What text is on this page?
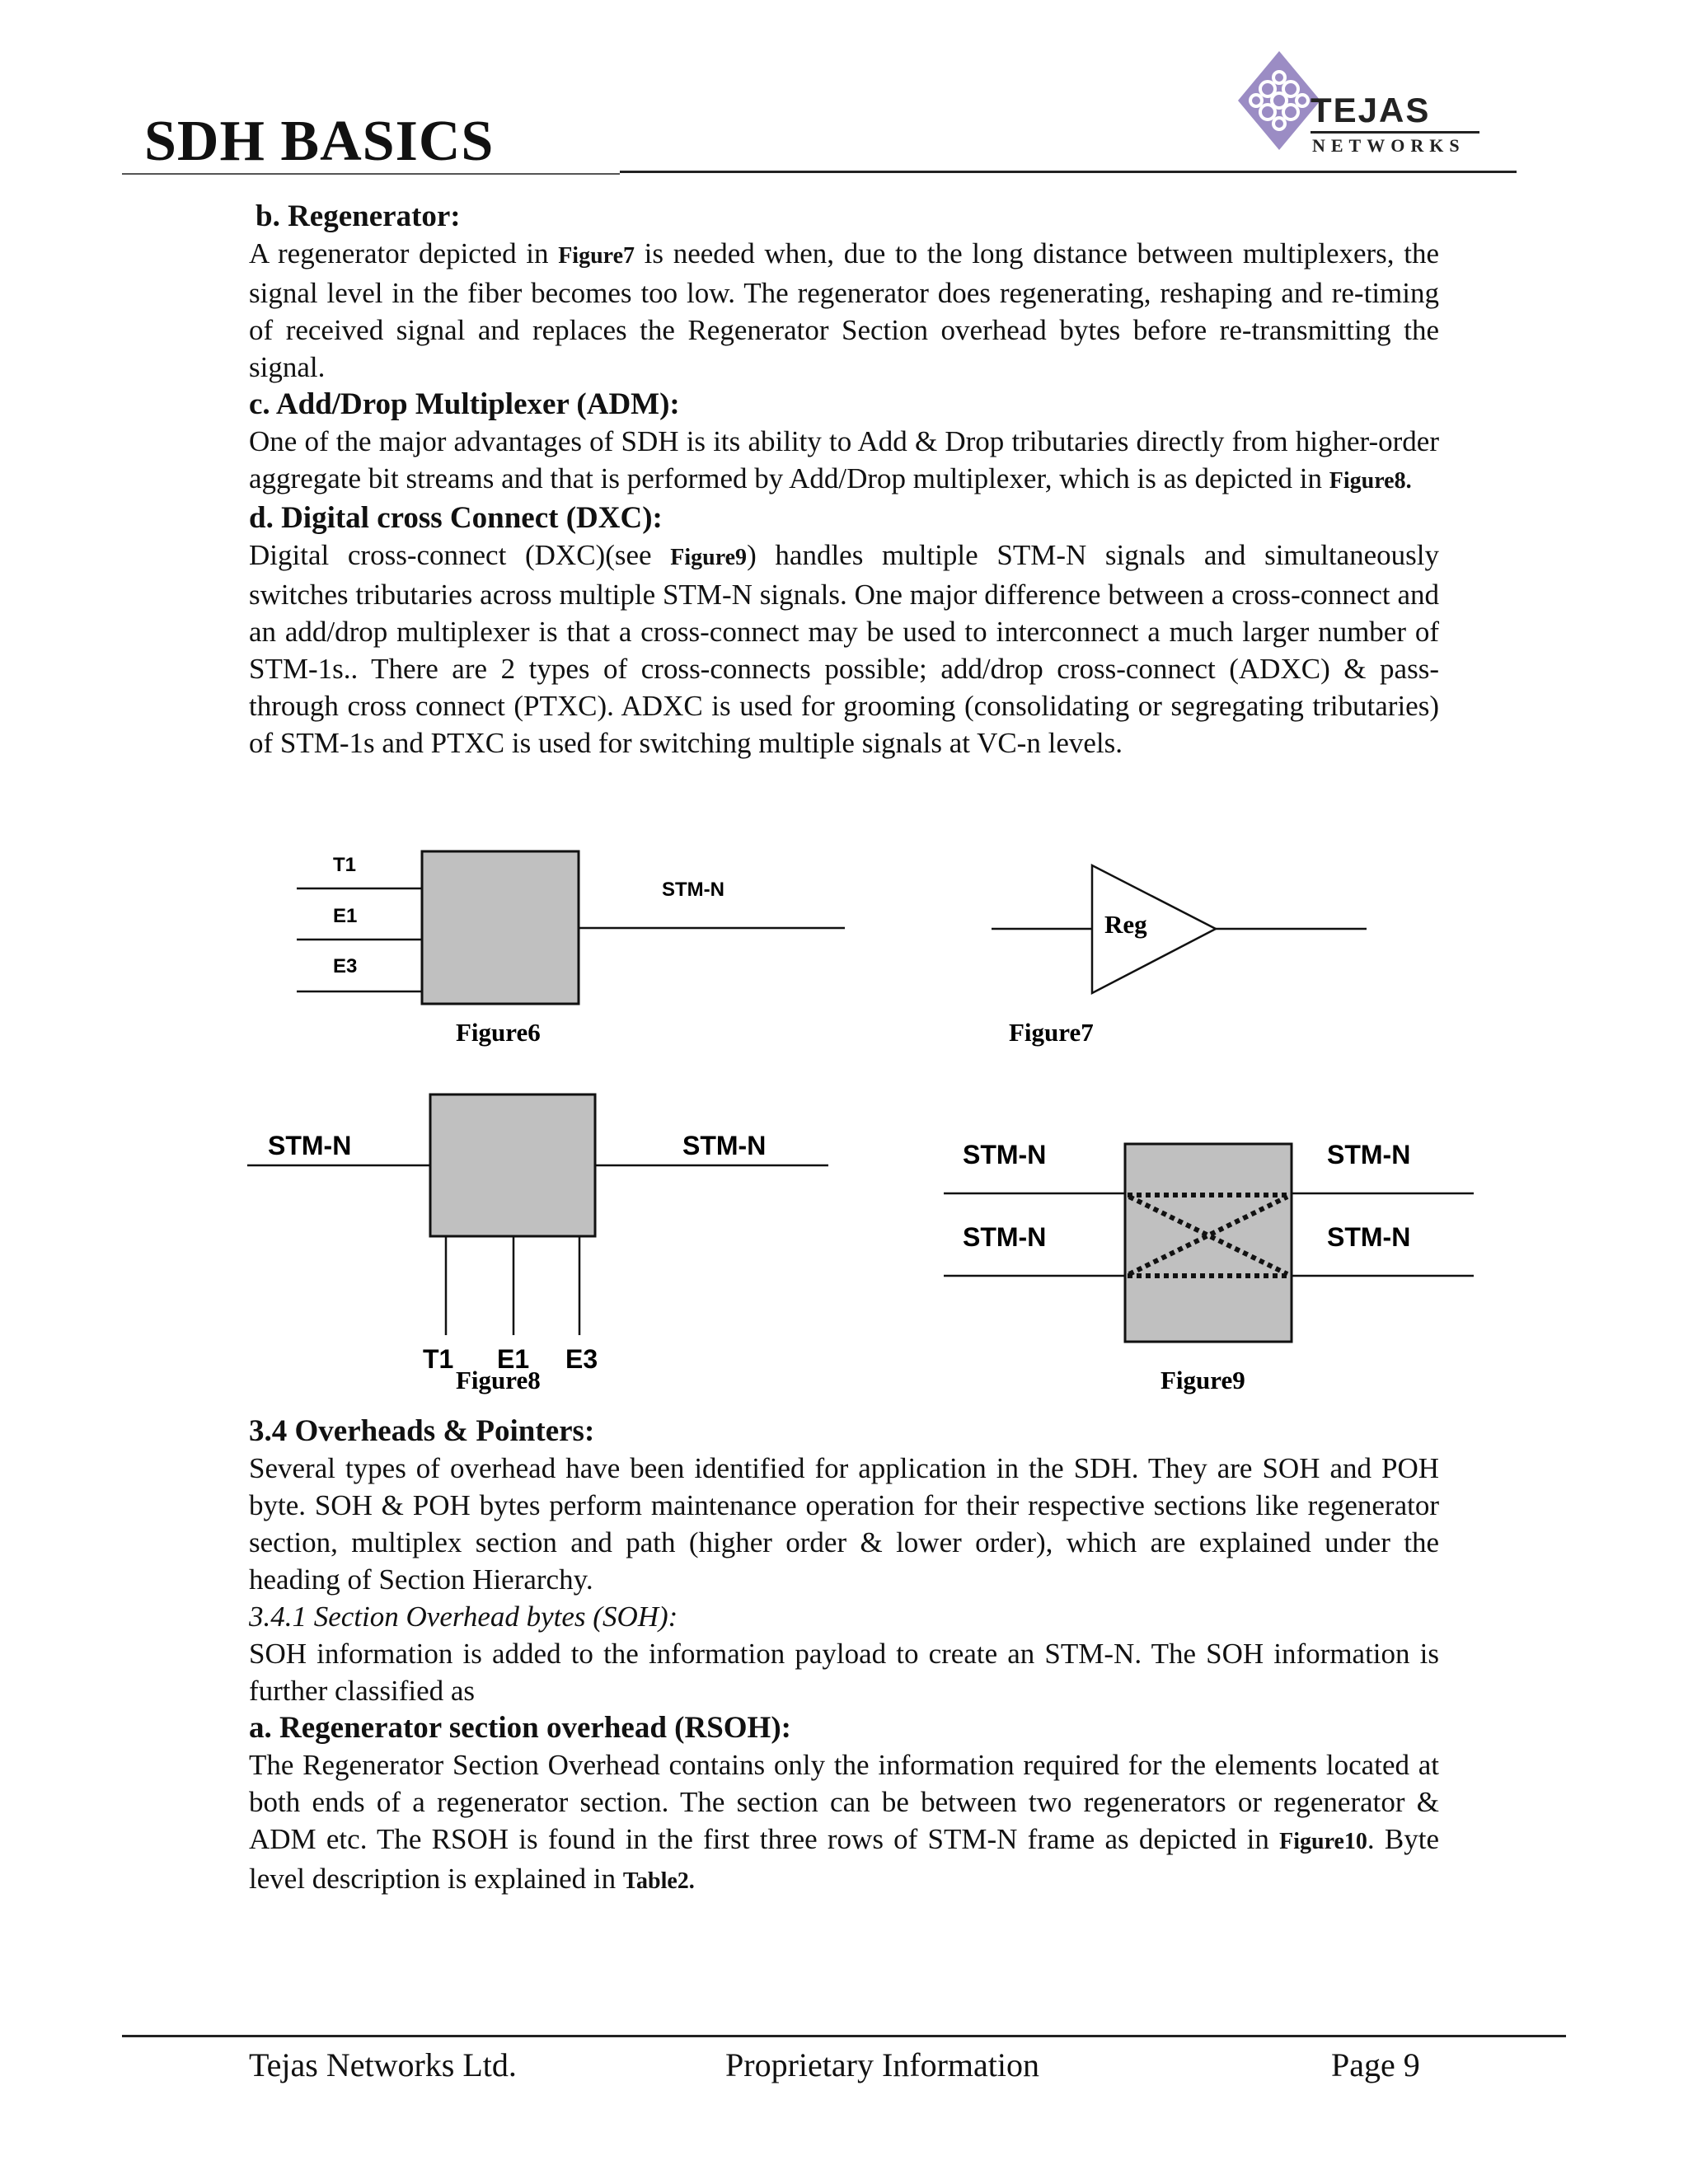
SDH BASICS	TEJAS
NETWORKS
b. Regenerator:

A regenerator depicted in Figure7 is needed when, due to the long distance between multiplexers, the signal level in the fiber becomes too low. The regenerator does regenerating, reshaping and re-timing of received signal and replaces the Regenerator Section overhead bytes before re-transmitting the signal.

c. Add/Drop Multiplexer (ADM):

One of the major advantages of SDH is its ability to Add & Drop tributaries directly from higher-order aggregate bit streams and that is performed by Add/Drop multiplexer, which is as depicted in Figure8.

d. Digital cross Connect (DXC):

Digital cross-connect (DXC)(see Figure9) handles multiple STM-N signals and simultaneously switches tributaries across multiple STM-N signals. One major difference between a cross-connect and an add/drop multiplexer is that a cross-connect may be used to interconnect a much larger number of STM-1s.. There are 2 types of cross-connects possible; add/drop cross-connect (ADXC) & pass-through cross connect (PTXC). ADXC is used for grooming (consolidating or segregating tributaries) of STM-1s and PTXC is used for switching multiple signals at VC-n levels.

T1
E1
E3
STM-N
Figure6
Reg
Figure7
STM-N	STM-N
T1 E1 E3
Figure8
STM-N
STM-N
STM-N
STM-N
Figure9
3.4 Overheads & Pointers:

Several types of overhead have been identified for application in the SDH. They are SOH and POH byte. SOH & POH bytes perform maintenance operation for their respective sections like regenerator section, multiplex section and path (higher order & lower order), which are explained under the heading of Section Hierarchy.

3.4.1 Section Overhead bytes (SOH):

SOH information is added to the information payload to create an STM-N. The SOH information is further classified as

a. Regenerator section overhead (RSOH):

The Regenerator Section Overhead contains only the information required for the elements located at both ends of a regenerator section. The section can be between two regenerators or regenerator & ADM etc. The RSOH is found in the first three rows of STM-N frame as depicted in Figure10. Byte level description is explained in Table2.

Tejas Networks Ltd.	Proprietary Information	Page 9
